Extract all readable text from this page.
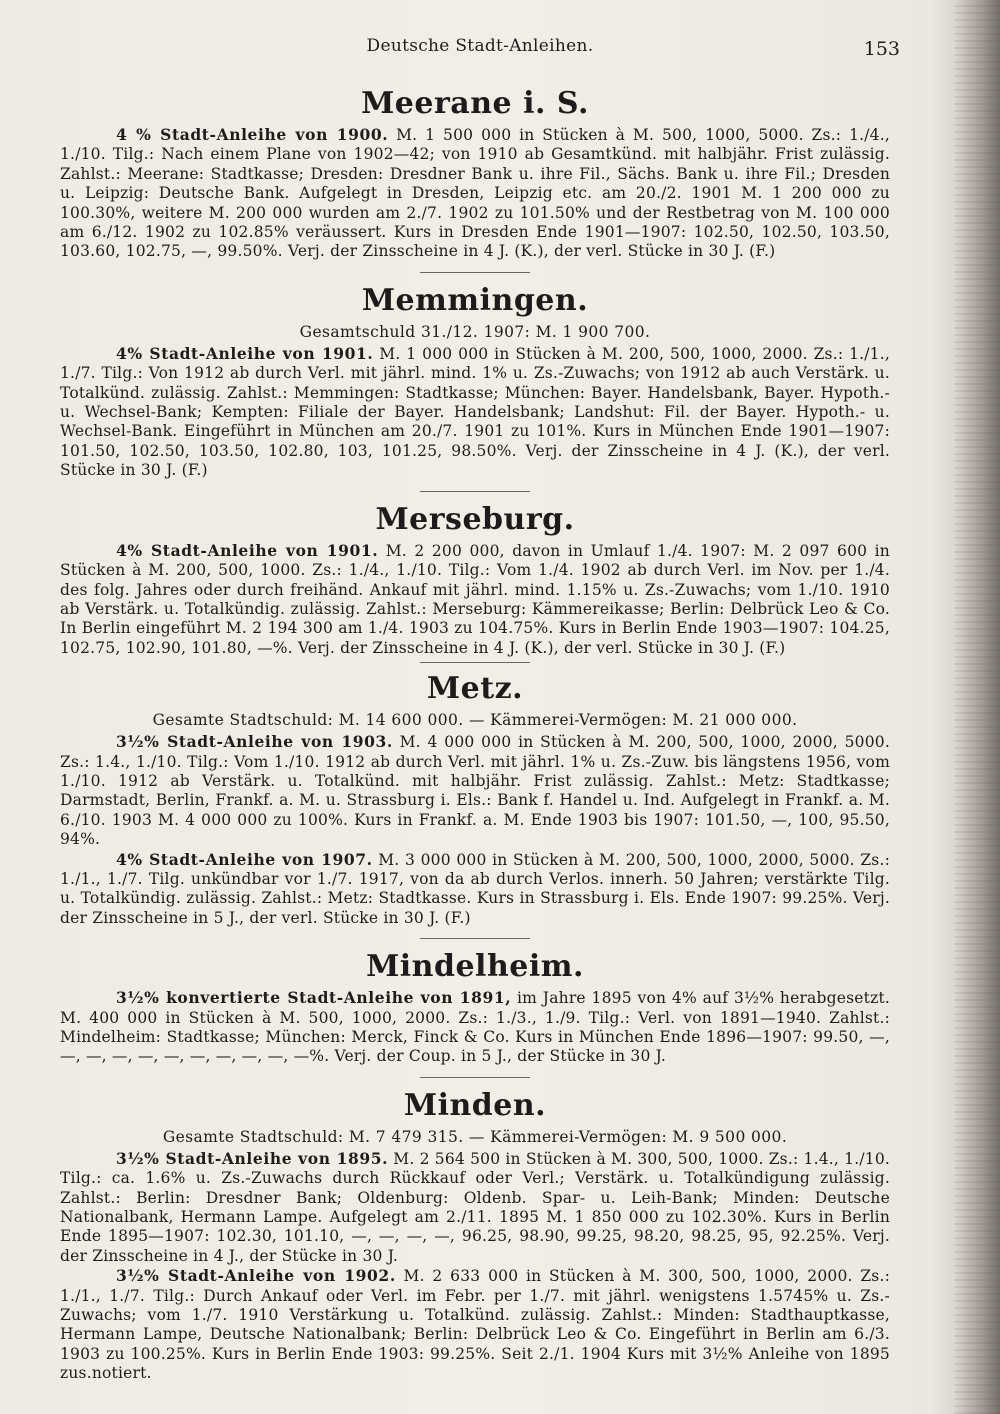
Deutsche Stadt-Anleihen.	153
Meerane i. S.

4 % Stadt-Anleihe von 1900. M. 1 500 000 in Stücken à M. 500, 1000, 5000. Zs.: 1./4., 1./10. Tilg.: Nach einem Plane von 1902—42; von 1910 ab Gesamtkünd. mit halbjähr. Frist zulässig. Zahlst.: Meerane: Stadtkasse; Dresden: Dresdner Bank u. ihre Fil., Sächs. Bank u. ihre Fil.; Dresden u. Leipzig: Deutsche Bank. Aufgelegt in Dresden, Leipzig etc. am 20./2. 1901 M. 1 200 000 zu 100.30%, weitere M. 200 000 wurden am 2./7. 1902 zu 101.50% und der Restbetrag von M. 100 000 am 6./12. 1902 zu 102.85% veräussert. Kurs in Dresden Ende 1901—1907: 102.50, 102.50, 103.50, 103.60, 102.75, —, 99.50%. Verj. der Zinsscheine in 4 J. (K.), der verl. Stücke in 30 J. (F.)

Memmingen.
Gesamtschuld 31./12. 1907: M. 1 900 700.

4% Stadt-Anleihe von 1901. M. 1 000 000 in Stücken à M. 200, 500, 1000, 2000. Zs.: 1./1., 1./7. Tilg.: Von 1912 ab durch Verl. mit jährl. mind. 1% u. Zs.-Zuwachs; von 1912 ab auch Verstärk. u. Totalkünd. zulässig. Zahlst.: Memmingen: Stadtkasse; München: Bayer. Handelsbank, Bayer. Hypoth.- u. Wechsel-Bank; Kempten: Filiale der Bayer. Handelsbank; Landshut: Fil. der Bayer. Hypoth.- u. Wechsel-Bank. Eingeführt in München am 20./7. 1901 zu 101%. Kurs in München Ende 1901—1907: 101.50, 102.50, 103.50, 102.80, 103, 101.25, 98.50%. Verj. der Zinsscheine in 4 J. (K.), der verl. Stücke in 30 J. (F.)

Merseburg.

4% Stadt-Anleihe von 1901. M. 2 200 000, davon in Umlauf 1./4. 1907: M. 2 097 600 in Stücken à M. 200, 500, 1000. Zs.: 1./4., 1./10. Tilg.: Vom 1./4. 1902 ab durch Verl. im Nov. per 1./4. des folg. Jahres oder durch freihänd. Ankauf mit jährl. mind. 1.15% u. Zs.-Zuwachs; vom 1./10. 1910 ab Verstärk. u. Totalkündig. zulässig. Zahlst.: Merseburg: Kämmereikasse; Berlin: Delbrück Leo & Co. In Berlin eingeführt M. 2 194 300 am 1./4. 1903 zu 104.75%. Kurs in Berlin Ende 1903—1907: 104.25, 102.75, 102.90, 101.80, —%. Verj. der Zinsscheine in 4 J. (K.), der verl. Stücke in 30 J. (F.)

Metz.
Gesamte Stadtschuld: M. 14 600 000. — Kämmerei-Vermögen: M. 21 000 000.

3½% Stadt-Anleihe von 1903. M. 4 000 000 in Stücken à M. 200, 500, 1000, 2000, 5000. Zs.: 1.4., 1./10. Tilg.: Vom 1./10. 1912 ab durch Verl. mit jährl. 1% u. Zs.-Zuw. bis längstens 1956, vom 1./10. 1912 ab Verstärk. u. Totalkünd. mit halbjähr. Frist zulässig. Zahlst.: Metz: Stadtkasse; Darmstadt, Berlin, Frankf. a. M. u. Strassburg i. Els.: Bank f. Handel u. Ind. Aufgelegt in Frankf. a. M. 6./10. 1903 M. 4 000 000 zu 100%. Kurs in Frankf. a. M. Ende 1903 bis 1907: 101.50, —, 100, 95.50, 94%.

4% Stadt-Anleihe von 1907. M. 3 000 000 in Stücken à M. 200, 500, 1000, 2000, 5000. Zs.: 1./1., 1./7. Tilg. unkündbar vor 1./7. 1917, von da ab durch Verlos. innerh. 50 Jahren; verstärkte Tilg. u. Totalkündig. zulässig. Zahlst.: Metz: Stadtkasse. Kurs in Strassburg i. Els. Ende 1907: 99.25%. Verj. der Zinsscheine in 5 J., der verl. Stücke in 30 J. (F.)

Mindelheim.

3½% konvertierte Stadt-Anleihe von 1891, im Jahre 1895 von 4% auf 3½% herabgesetzt. M. 400 000 in Stücken à M. 500, 1000, 2000. Zs.: 1./3., 1./9. Tilg.: Verl. von 1891—1940. Zahlst.: Mindelheim: Stadtkasse; München: Merck, Finck & Co. Kurs in München Ende 1896—1907: 99.50, —, —, —, —, —, —, —, —, —, —, —%. Verj. der Coup. in 5 J., der Stücke in 30 J.

Minden.
Gesamte Stadtschuld: M. 7 479 315. — Kämmerei-Vermögen: M. 9 500 000.

3½% Stadt-Anleihe von 1895. M. 2 564 500 in Stücken à M. 300, 500, 1000. Zs.: 1.4., 1./10. Tilg.: ca. 1.6% u. Zs.-Zuwachs durch Rückkauf oder Verl.; Verstärk. u. Totalkündigung zulässig. Zahlst.: Berlin: Dresdner Bank; Oldenburg: Oldenb. Spar- u. Leih-Bank; Minden: Deutsche Nationalbank, Hermann Lampe. Aufgelegt am 2./11. 1895 M. 1 850 000 zu 102.30%. Kurs in Berlin Ende 1895—1907: 102.30, 101.10, —, —, —, —, 96.25, 98.90, 99.25, 98.20, 98.25, 95, 92.25%. Verj. der Zinsscheine in 4 J., der Stücke in 30 J.

3½% Stadt-Anleihe von 1902. M. 2 633 000 in Stücken à M. 300, 500, 1000, 2000. Zs.: 1./1., 1./7. Tilg.: Durch Ankauf oder Verl. im Febr. per 1./7. mit jährl. wenigstens 1.5745% u. Zs.-Zuwachs; vom 1./7. 1910 Verstärkung u. Totalkünd. zulässig. Zahlst.: Minden: Stadthauptkasse, Hermann Lampe, Deutsche Nationalbank; Berlin: Delbrück Leo & Co. Eingeführt in Berlin am 6./3. 1903 zu 100.25%. Kurs in Berlin Ende 1903: 99.25%. Seit 2./1. 1904 Kurs mit 3½% Anleihe von 1895 zus.notiert.
